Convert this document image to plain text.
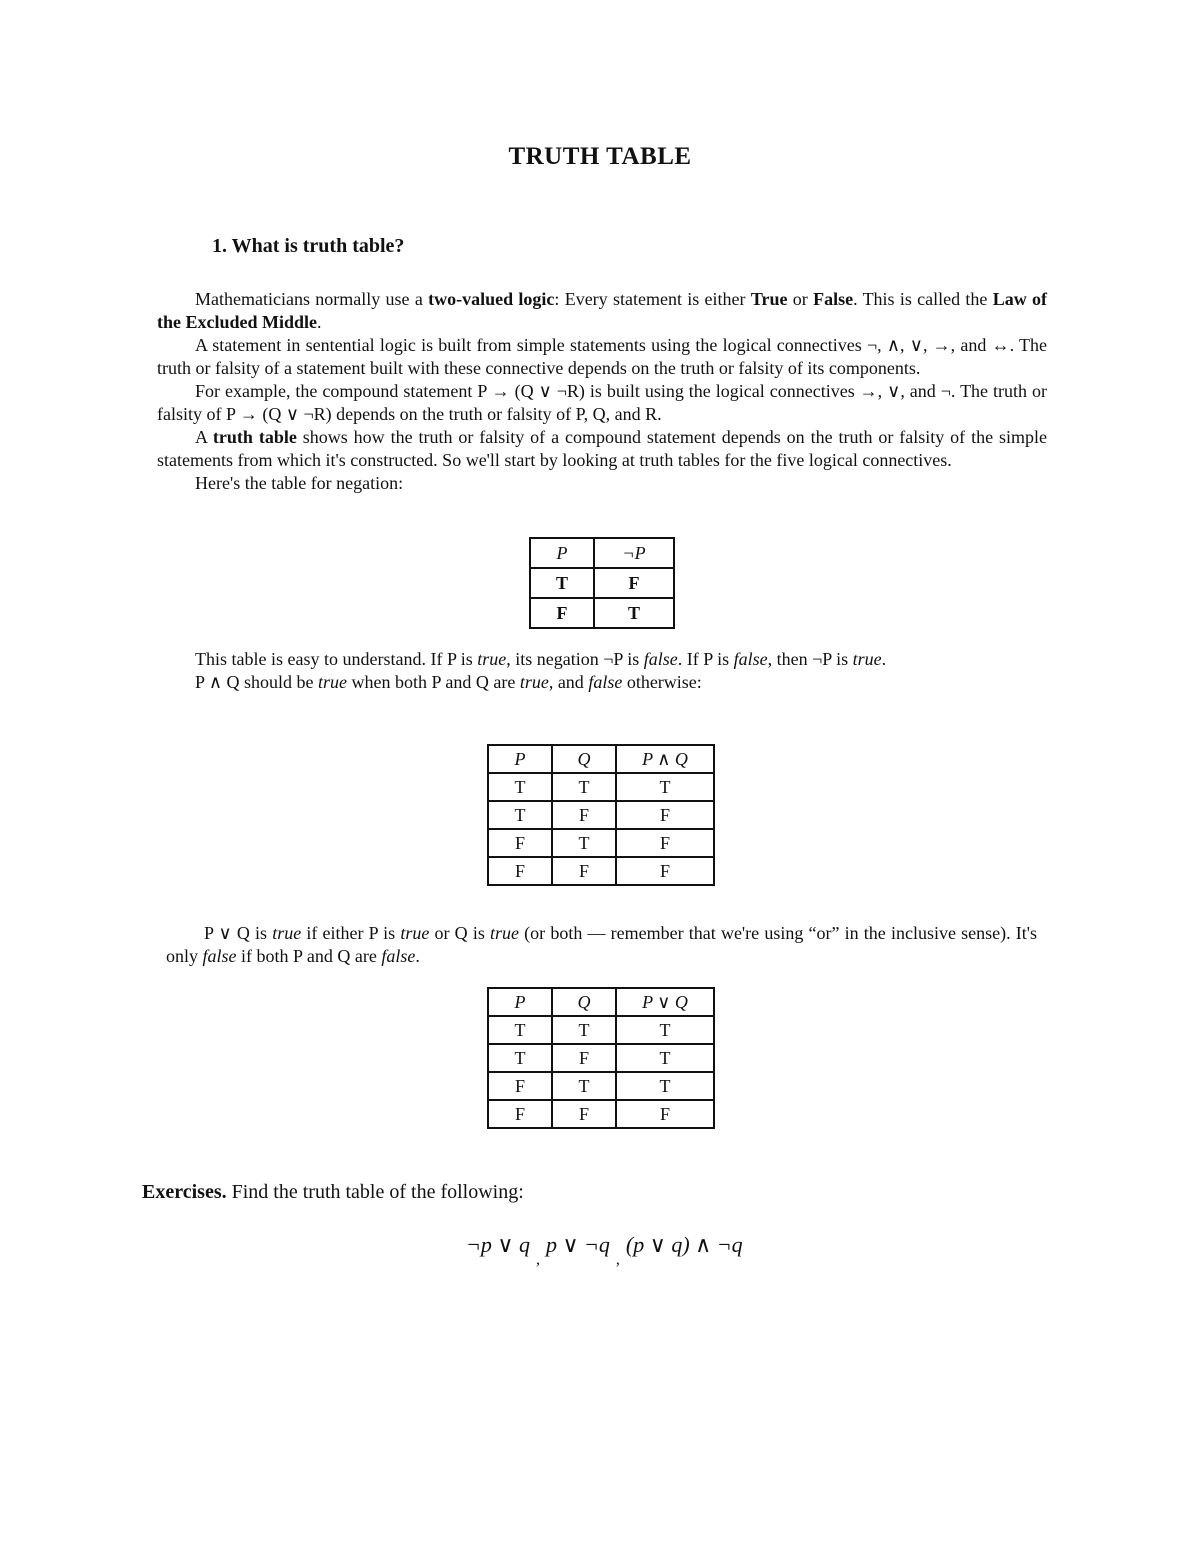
TRUTH TABLE
1. What is truth table?

Mathematicians normally use a two-valued logic: Every statement is either True or False. This is called the Law of the Excluded Middle.

A statement in sentential logic is built from simple statements using the logical connectives ¬, ∧, ∨, →, and ↔. The truth or falsity of a statement built with these connective depends on the truth or falsity of its components.

For example, the compound statement P → (Q ∨ ¬R) is built using the logical connectives →, ∨, and ¬. The truth or falsity of P → (Q ∨ ¬R) depends on the truth or falsity of P, Q, and R.

A truth table shows how the truth or falsity of a compound statement depends on the truth or falsity of the simple statements from which it's constructed. So we'll start by looking at truth tables for the five logical connectives.

Here's the table for negation:

P	¬P
T	F
F	T

This table is easy to understand. If P is true, its negation ¬P is false. If P is false, then ¬P is true.

P ∧ Q should be true when both P and Q are true, and false otherwise:

P	Q	P ∧ Q
T	T	T
T	F	F
F	T	F
F	F	F

P ∨ Q is true if either P is true or Q is true (or both — remember that we're using “or” in the inclusive sense). It's only false if both P and Q are false.

P	Q	P ∨ Q
T	T	T
T	F	T
F	T	T
F	F	F
Exercises. Find the truth table of the following:
¬p ∨ $q_,p$ ∨ $\neg q_,(p$ ∨ q) ∧ ¬q
